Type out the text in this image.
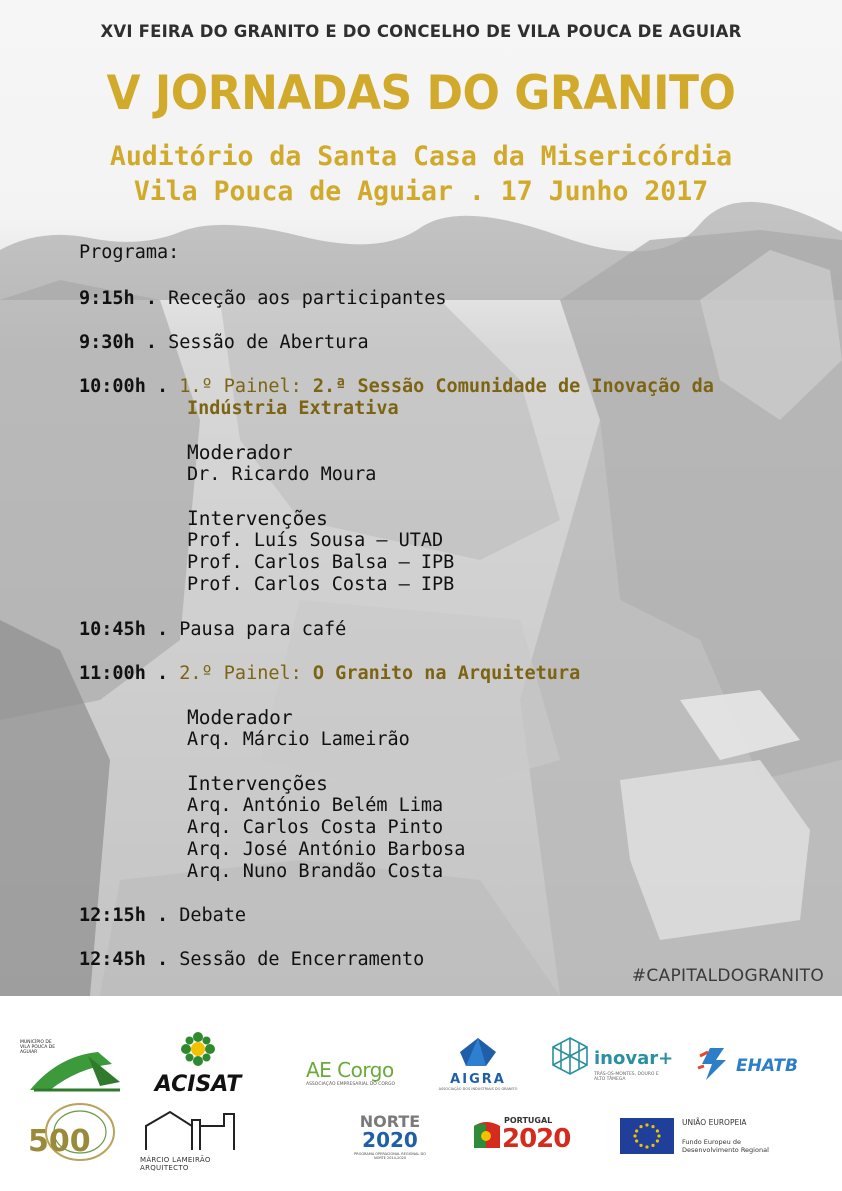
XVI FEIRA DO GRANITO E DO CONCELHO DE VILA POUCA DE AGUIAR
V JORNADAS DO GRANITO
Auditório da Santa Casa da Misericórdia
Vila Pouca de Aguiar . 17 Junho 2017
Programa:
9:15h . Receção aos participantes
9:30h . Sessão de Abertura
10:00h . 1.º Painel: 2.ª Sessão Comunidade de Inovação da
Indústria Extrativa
Moderador
Dr. Ricardo Moura
Intervenções
Prof. Luís Sousa – UTAD
Prof. Carlos Balsa – IPB
Prof. Carlos Costa – IPB
10:45h . Pausa para café
11:00h . 2.º Painel: O Granito na Arquitetura
Moderador
Arq. Márcio Lameirão
Intervenções
Arq. António Belém Lima
Arq. Carlos Costa Pinto
Arq. José António Barbosa
Arq. Nuno Brandão Costa
12:15h . Debate
12:45h . Sessão de Encerramento
#CAPITALDOGRANITO
MUNICÍPIO DE VILA POUCA DE AGUIAR
ACISAT
AE Corgo
ASSOCIAÇÃO EMPRESARIAL DO CORGO	AIGRA
ASSOCIAÇÃO DOS INDUSTRIAIS DO GRANITO
inovar+
TRÁS-OS-MONTES, DOURO E ALTO TÂMEGA
EHATB
500
MÁRCIO LAMEIRÃO ARQUITECTO
NORTE
2020
PROGRAMA OPERACIONAL REGIONAL DO NORTE 2014-2020
PORTUGAL
2020
UNIÃO EUROPEIA
Fundo Europeu de Desenvolvimento Regional
